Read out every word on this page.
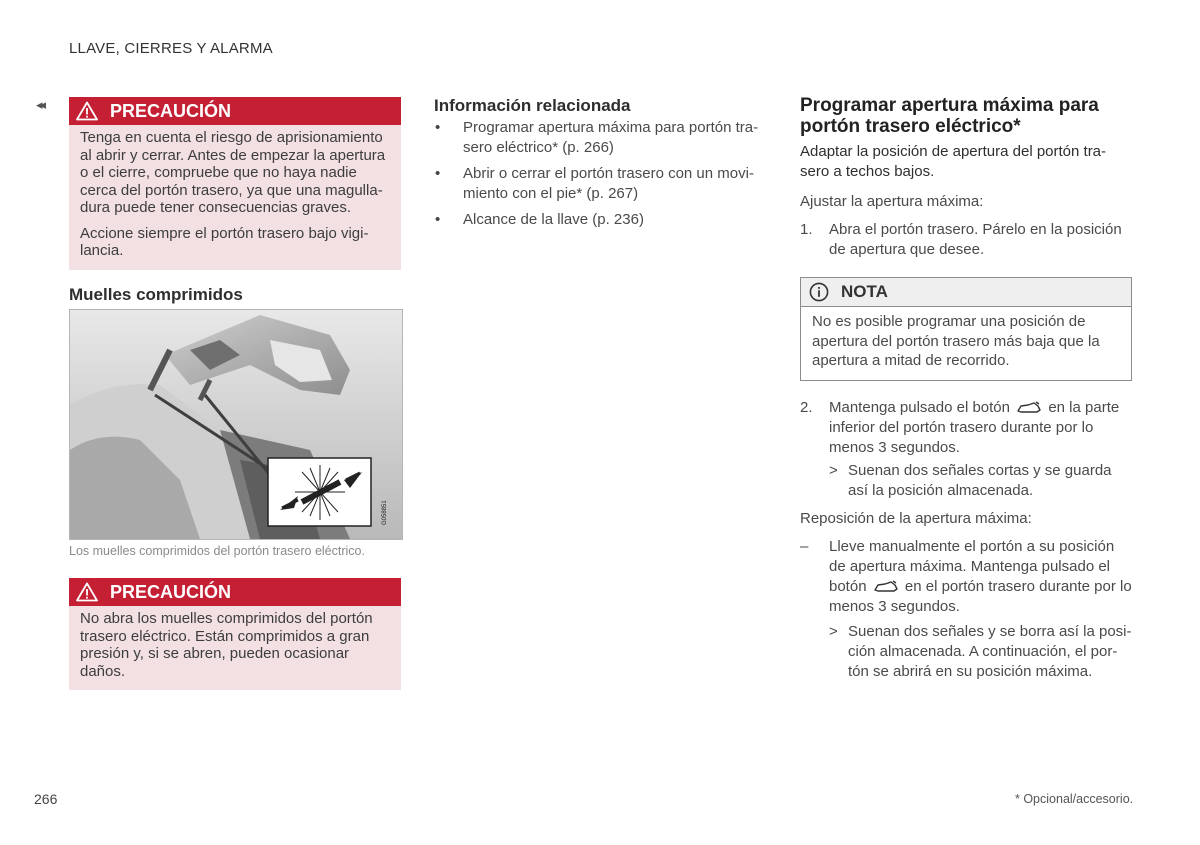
LLAVE, CIERRES Y ALARMA
◂◂	PRECAUCIÓN

Tenga en cuenta el riesgo de aprisionamiento al abrir y cerrar. Antes de empezar la apertura o el cierre, compruebe que no haya nadie cerca del portón trasero, ya que una magulladura puede tener consecuencias graves.

Accione siempre el portón trasero bajo vigilancia.

Muelles comprimidos
G058851
Los muelles comprimidos del portón trasero eléctrico.
PRECAUCIÓN

No abra los muelles comprimidos del portón trasero eléctrico. Están comprimidos a gran presión y, si se abren, pueden ocasionar daños.

Información relacionada
• Programar apertura máxima para portón trasero eléctrico* (p. 266)
• Abrir o cerrar el portón trasero con un movimiento con el pie* (p. 267)
• Alcance de la llave (p. 236)
Programar apertura máxima para portón trasero eléctrico*
Adaptar la posición de apertura del portón trasero a techos bajos.
Ajustar la apertura máxima:
1. Abra el portón trasero. Párelo en la posición de apertura que desee.
NOTA
No es posible programar una posición de apertura del portón trasero más baja que la apertura a mitad de recorrido.
2. Mantenga pulsado el botón	en la parte inferior del portón trasero durante por lo menos 3 segundos.
> Suenan dos señales cortas y se guarda así la posición almacenada.
Reposición de la apertura máxima:
– Lleve manualmente el portón a su posición de apertura máxima. Mantenga pulsado el botón	en el portón trasero durante por lo menos 3 segundos.
> Suenan dos señales y se borra así la posición almacenada. A continuación, el portón se abrirá en su posición máxima.
266	* Opcional/accesorio.
